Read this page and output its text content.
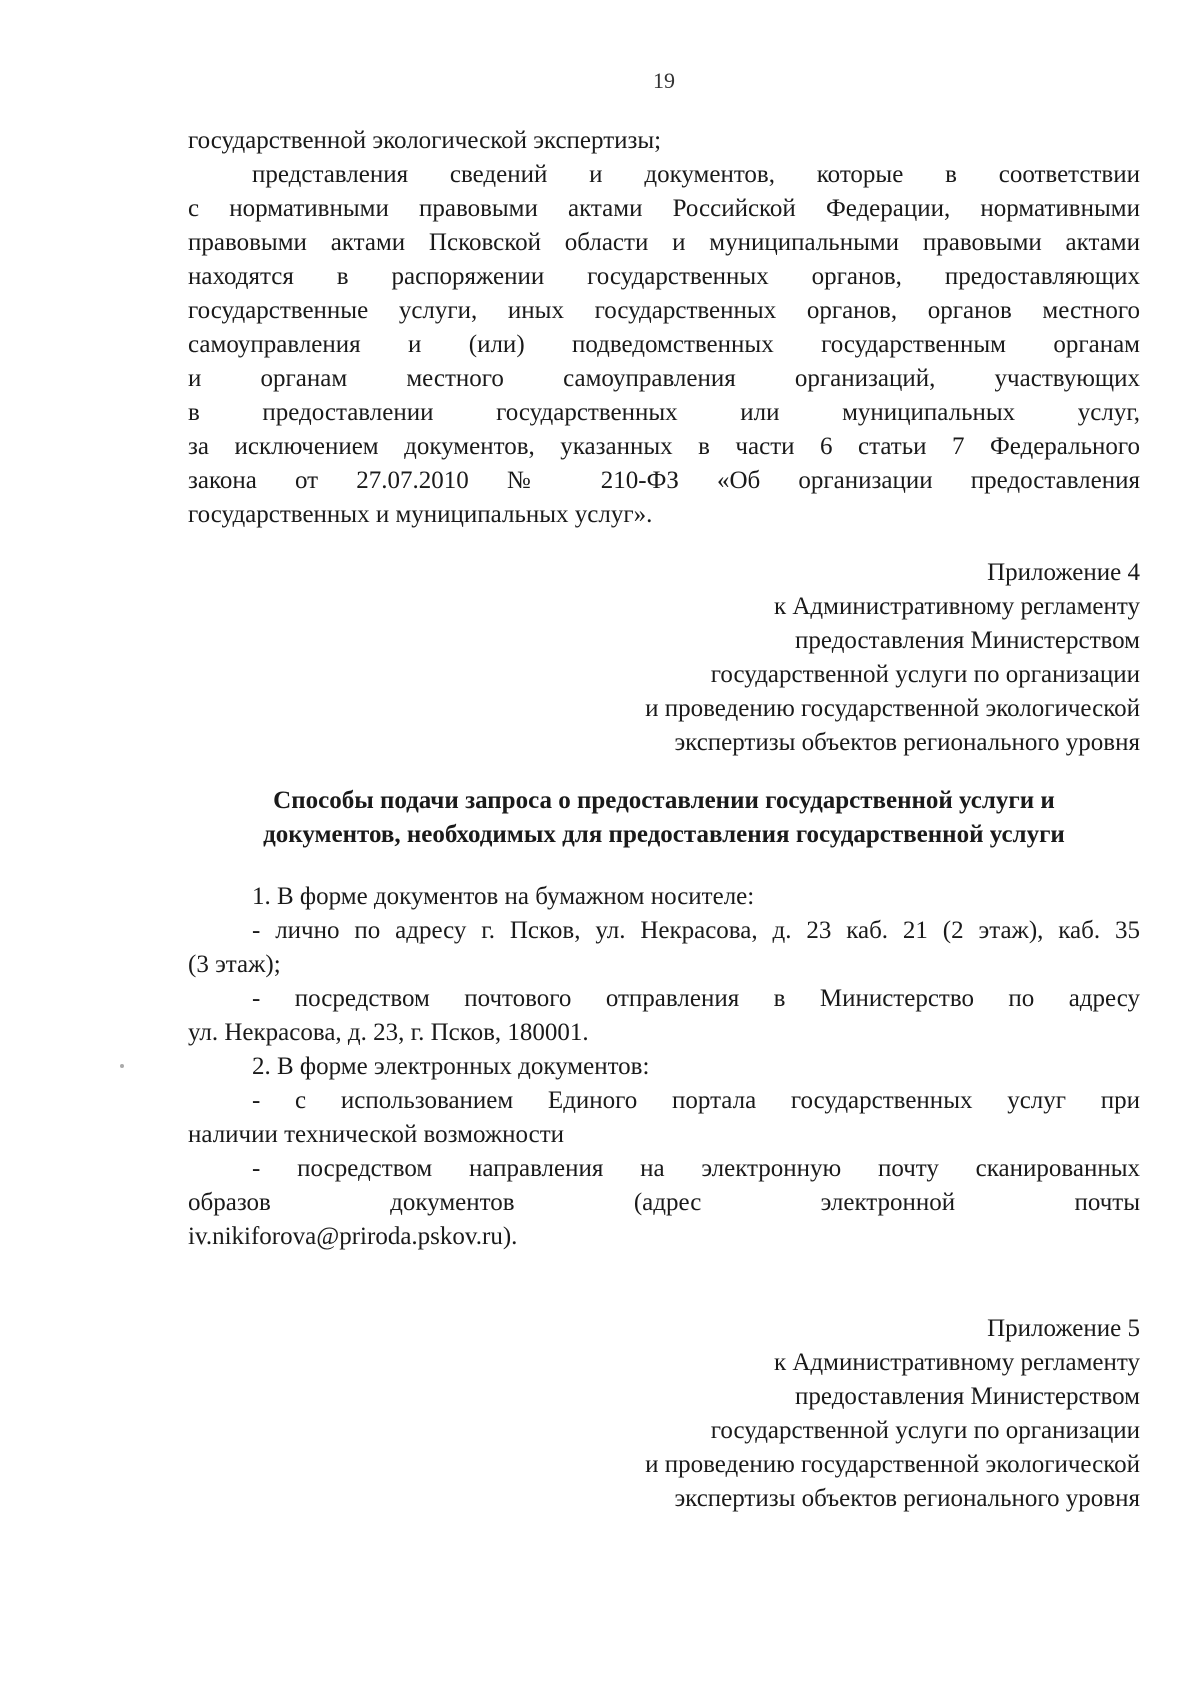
19
государственной экологической экспертизы;
представления сведений и документов, которые в соответствии
с нормативными правовыми актами Российской Федерации, нормативными
правовыми актами Псковской области и муниципальными правовыми актами
находятся в распоряжении государственных органов, предоставляющих
государственные услуги, иных государственных органов, органов местного
самоуправления и (или) подведомственных государственным органам
и органам местного самоуправления организаций, участвующих
в предоставлении государственных или муниципальных услуг,
за исключением документов, указанных в части 6 статьи 7 Федерального
закона от 27.07.2010 № 210-ФЗ «Об организации предоставления
государственных и муниципальных услуг».
Приложение 4
к Административному регламенту
предоставления Министерством
государственной услуги по организации
и проведению государственной экологической
экспертизы объектов регионального уровня
Способы подачи запроса о предоставлении государственной услуги и
документов, необходимых для предоставления государственной услуги
1. В форме документов на бумажном носителе:
- лично по адресу г. Псков, ул. Некрасова, д. 23 каб. 21 (2 этаж), каб. 35
(3 этаж);
- посредством почтового отправления в Министерство по адресу
ул. Некрасова, д. 23, г. Псков, 180001.
2. В форме электронных документов:
- с использованием Единого портала государственных услуг при
наличии технической возможности
- посредством направления на электронную почту сканированных
образов документов (адрес электронной почты
iv.nikiforova@priroda.pskov.ru).
Приложение 5
к Административному регламенту
предоставления Министерством
государственной услуги по организации
и проведению государственной экологической
экспертизы объектов регионального уровня
